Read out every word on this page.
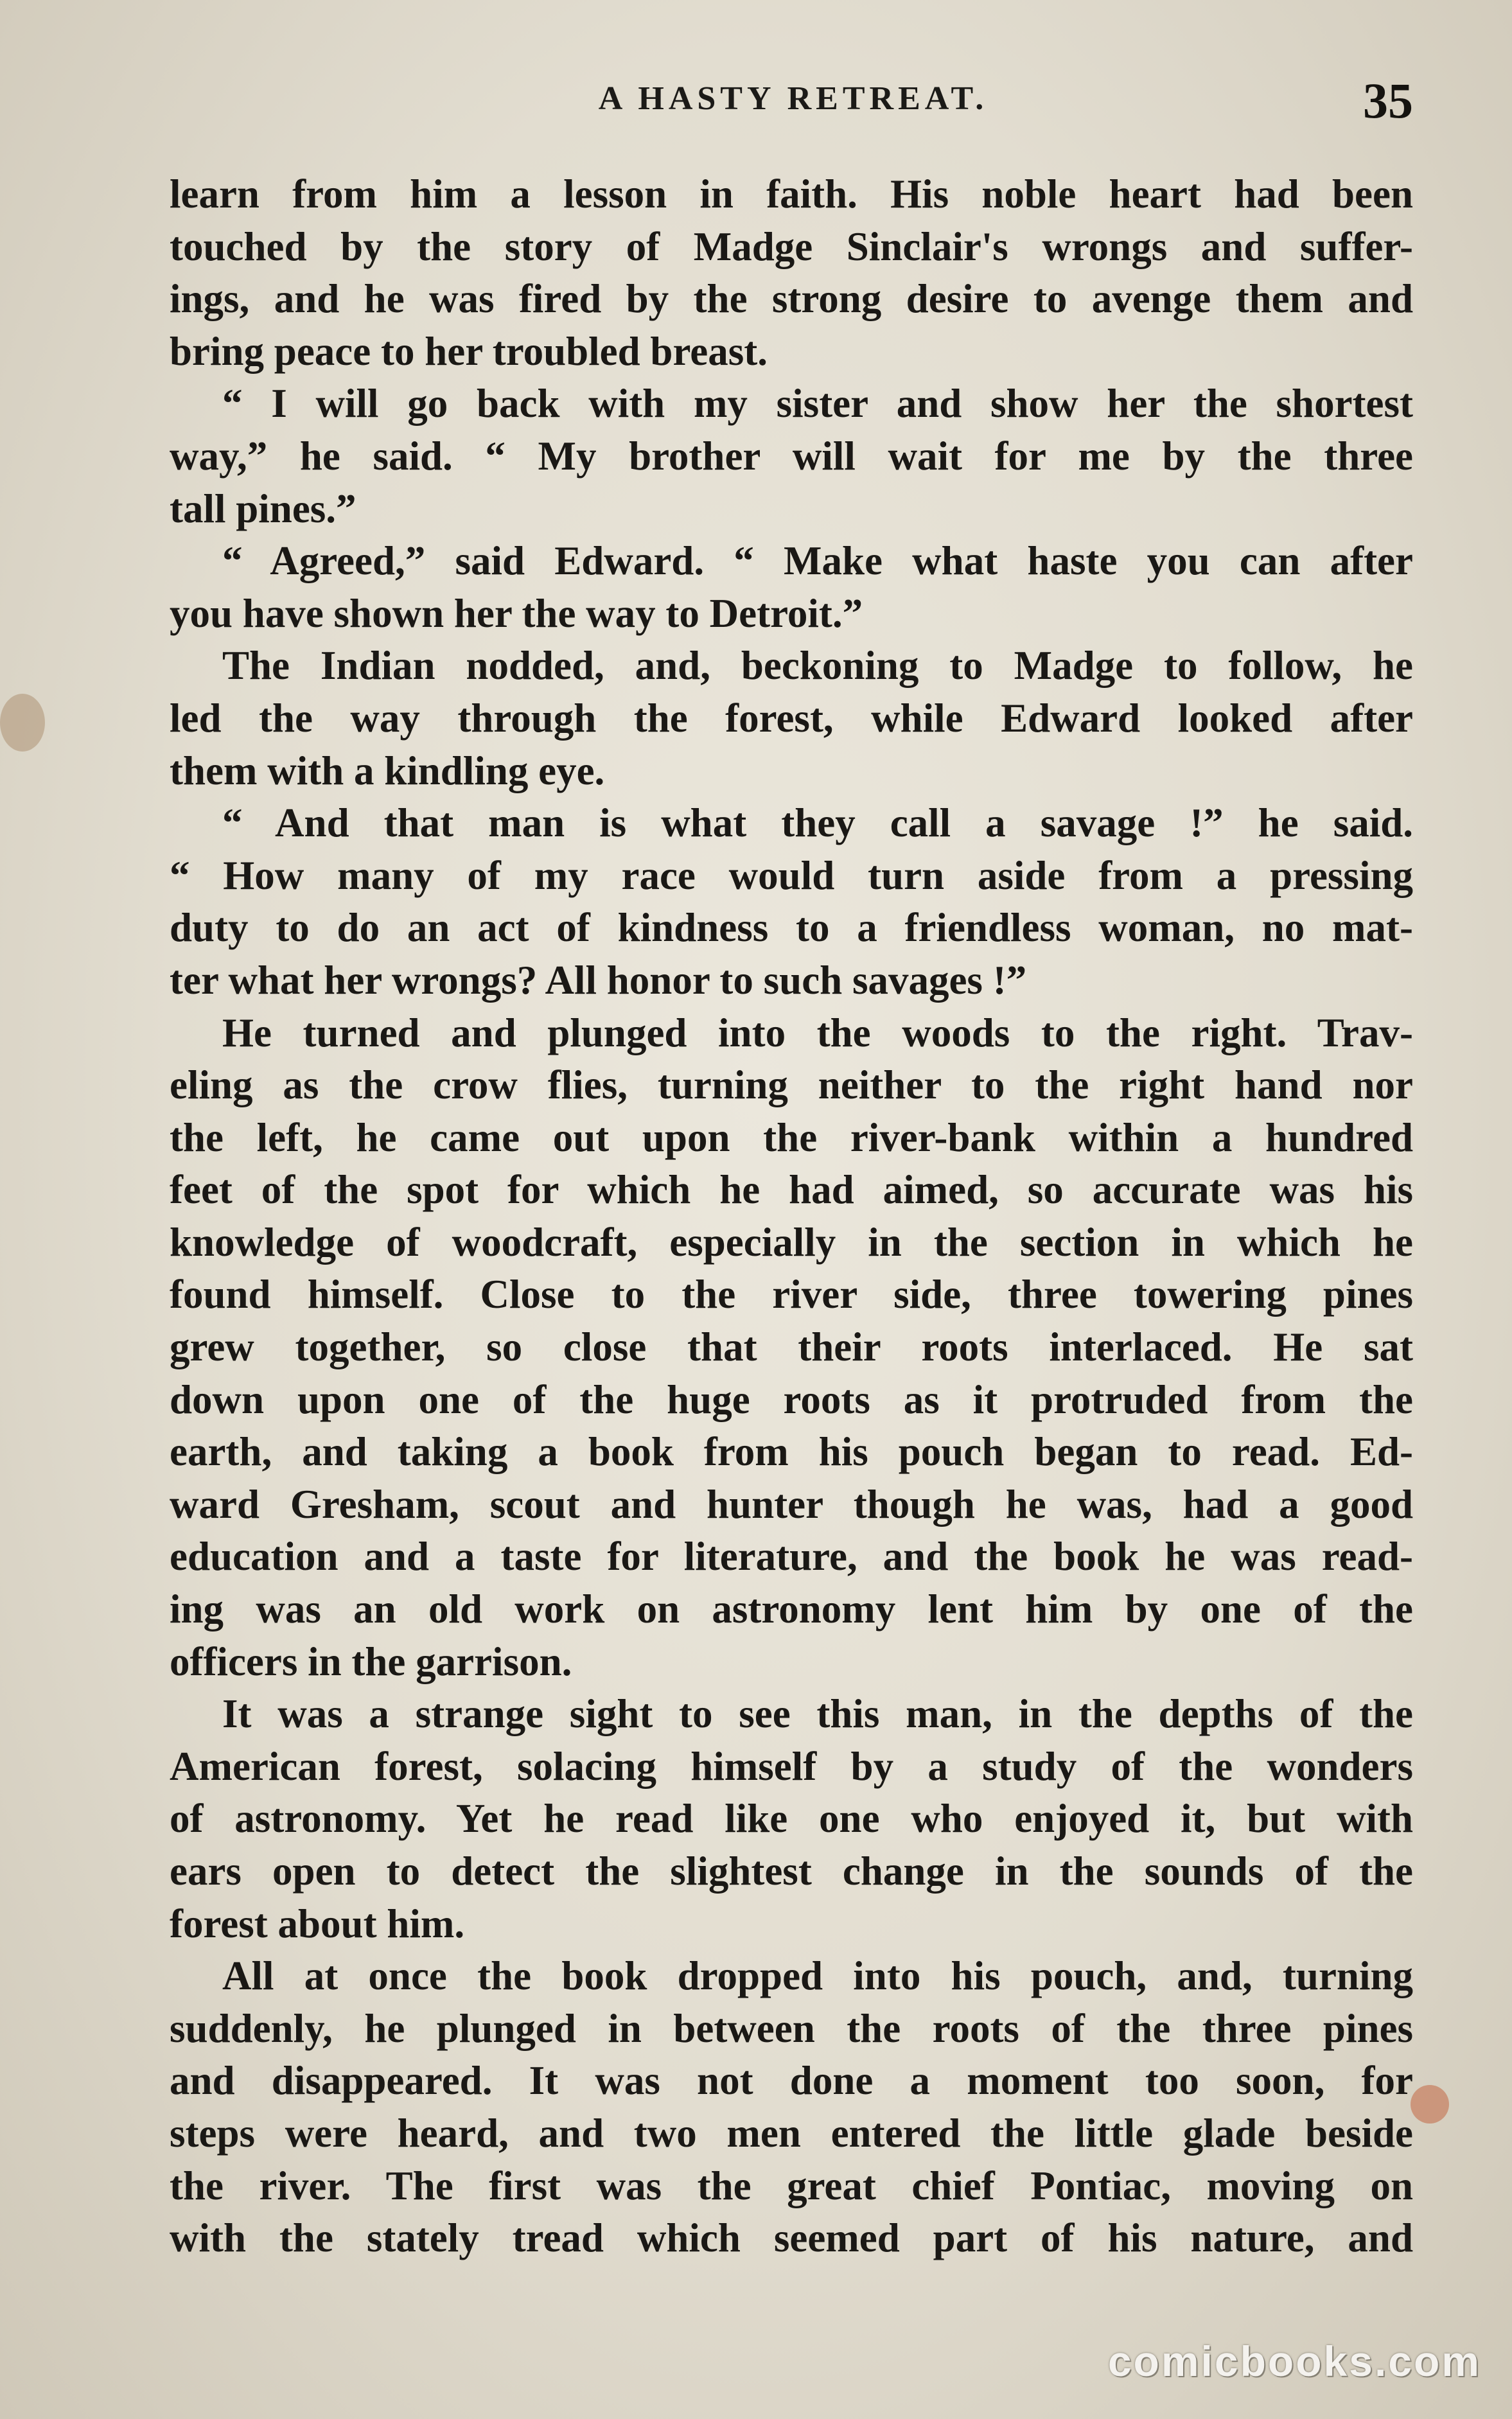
A HASTY RETREAT.	35
learn from him a lesson in faith. His noble heart had been
touched by the story of Madge Sinclair's wrongs and suffer-
ings, and he was fired by the strong desire to avenge them and
bring peace to her troubled breast.
“ I will go back with my sister and show her the shortest
way,” he said. “ My brother will wait for me by the three
tall pines.”
“ Agreed,” said Edward. “ Make what haste you can after
you have shown her the way to Detroit.”
The Indian nodded, and, beckoning to Madge to follow, he
led the way through the forest, while Edward looked after
them with a kindling eye.
“ And that man is what they call a savage !” he said.
“ How many of my race would turn aside from a pressing
duty to do an act of kindness to a friendless woman, no mat-
ter what her wrongs? All honor to such savages !”
He turned and plunged into the woods to the right. Trav-
eling as the crow flies, turning neither to the right hand nor
the left, he came out upon the river-bank within a hundred
feet of the spot for which he had aimed, so accurate was his
knowledge of woodcraft, especially in the section in which he
found himself. Close to the river side, three towering pines
grew together, so close that their roots interlaced. He sat
down upon one of the huge roots as it protruded from the
earth, and taking a book from his pouch began to read. Ed-
ward Gresham, scout and hunter though he was, had a good
education and a taste for literature, and the book he was read-
ing was an old work on astronomy lent him by one of the
officers in the garrison.
It was a strange sight to see this man, in the depths of the
American forest, solacing himself by a study of the wonders
of astronomy. Yet he read like one who enjoyed it, but with
ears open to detect the slightest change in the sounds of the
forest about him.
All at once the book dropped into his pouch, and, turning
suddenly, he plunged in between the roots of the three pines
and disappeared. It was not done a moment too soon, for
steps were heard, and two men entered the little glade beside
the river. The first was the great chief Pontiac, moving on
with the stately tread which seemed part of his nature, and
comicbooks.com
